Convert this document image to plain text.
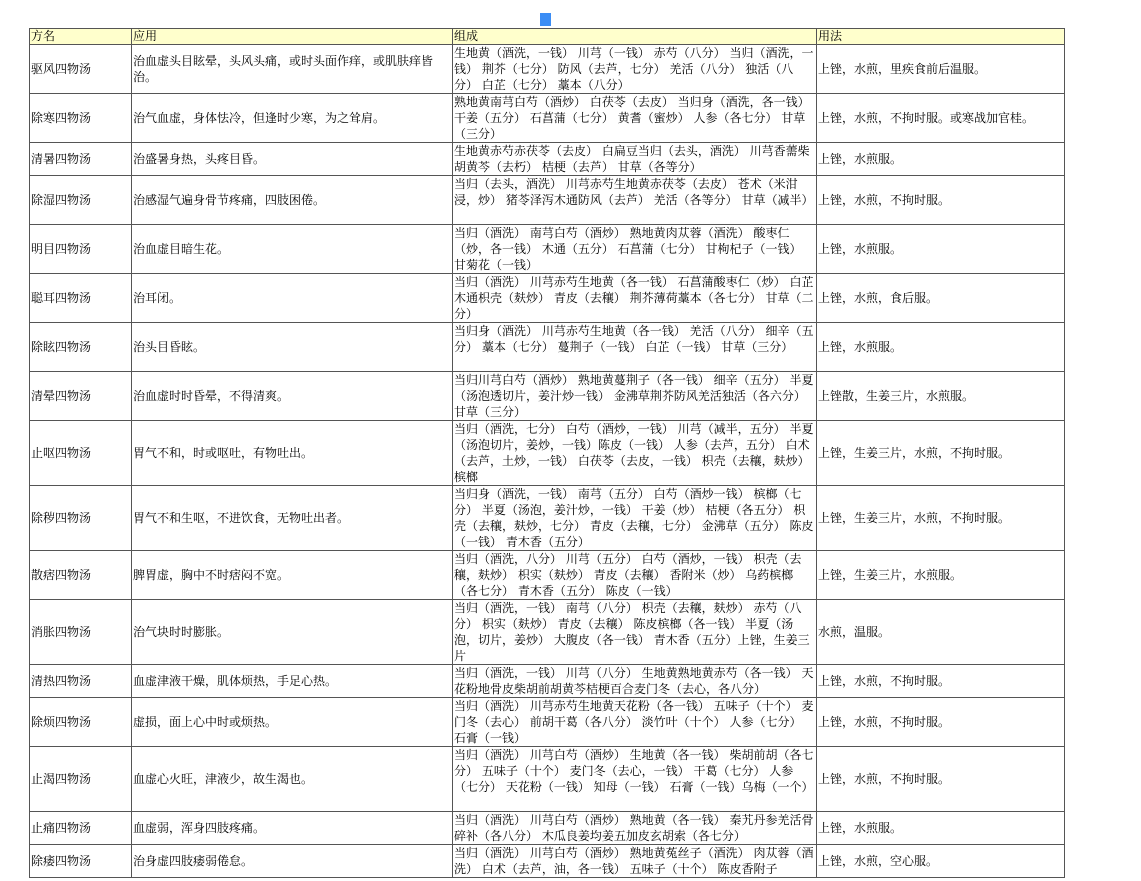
方名	应用	组成	用法
驱风四物汤	治血虚头目眩晕，头风头痛，或时头面作痒，或肌肤痒皆治。	生地黄（酒洗，一钱） 川芎（一钱） 赤芍（八分） 当归（酒洗，一钱） 荆芥（七分） 防风（去芦，七分） 羌活（八分） 独活（八分） 白芷（七分） 藁本（八分）	上锉，水煎，里疾食前后温服。
除寒四物汤	治气血虚，身体怯冷，但逢时少寒，为之耸肩。	熟地黄南芎白芍（酒炒） 白茯苓（去皮） 当归身（酒洗，各一钱） 干姜（五分） 石菖蒲（七分） 黄耆（蜜炒） 人参（各七分） 甘草（三分）	上锉，水煎，不拘时服。或寒战加官桂。
清暑四物汤	治盛暑身热，头疼目昏。	生地黄赤芍赤茯苓（去皮） 白扁豆当归（去头，酒洗） 川芎香薷柴胡黄芩（去朽） 桔梗（去芦） 甘草（各等分）	上锉，水煎服。
除湿四物汤	治感湿气遍身骨节疼痛，四肢困倦。	当归（去头，酒洗） 川芎赤芍生地黄赤茯苓（去皮） 苍术（米泔浸，炒） 猪苓泽泻木通防风（去芦） 羌活（各等分） 甘草（减半）	上锉，水煎，不拘时服。
明目四物汤	治血虚目暗生花。	当归（酒洗） 南芎白芍（酒炒） 熟地黄肉苁蓉（酒洗） 酸枣仁（炒，各一钱） 木通（五分） 石菖蒲（七分） 甘枸杞子（一钱） 甘菊花（一钱）	上锉，水煎服。
聪耳四物汤	治耳闭。	当归（酒洗） 川芎赤芍生地黄（各一钱） 石菖蒲酸枣仁（炒） 白芷木通枳壳（麸炒） 青皮（去穰） 荆芥薄荷藁本（各七分） 甘草（二分）	上锉，水煎，食后服。
除眩四物汤	治头目昏眩。	当归身（酒洗） 川芎赤芍生地黄（各一钱） 羌活（八分） 细辛（五分） 藁本（七分） 蔓荆子（一钱） 白芷（一钱） 甘草（三分）	上锉，水煎服。
清晕四物汤	治血虚时时昏晕，不得清爽。	当归川芎白芍（酒炒） 熟地黄蔓荆子（各一钱） 细辛（五分） 半夏（汤泡透切片，姜汁炒一钱） 金沸草荆芥防风羌活独活（各六分） 甘草（三分）	上锉散，生姜三片，水煎服。
止呕四物汤	胃气不和，时或呕吐，有物吐出。	当归（酒洗，七分） 白芍（酒炒，一钱） 川芎（减半，五分） 半夏（汤泡切片，姜炒，一钱）陈皮（一钱） 人参（去芦，五分） 白术（去芦，土炒，一钱） 白茯苓（去皮，一钱） 枳壳（去穰，麸炒） 槟榔	上锉，生姜三片，水煎，不拘时服。
除秽四物汤	胃气不和生呕，不进饮食，无物吐出者。	当归身（酒洗，一钱） 南芎（五分） 白芍（酒炒一钱） 槟榔（七分） 半夏（汤泡，姜汁炒，一钱） 干姜（炒） 桔梗（各五分） 枳壳（去穰，麸炒，七分） 青皮（去穰，七分） 金沸草（五分） 陈皮（一钱） 青木香（五分）	上锉，生姜三片，水煎，不拘时服。
散痞四物汤	脾胃虚，胸中不时痞闷不宽。	当归（酒洗，八分） 川芎（五分） 白芍（酒炒，一钱） 枳壳（去穰，麸炒） 枳实（麸炒） 青皮（去穰） 香附米（炒） 乌药槟榔（各七分） 青木香（五分） 陈皮（一钱）	上锉，生姜三片，水煎服。
消胀四物汤	治气块时时膨胀。	当归（酒洗，一钱） 南芎（八分） 枳壳（去穰，麸炒） 赤芍（八分） 枳实（麸炒） 青皮（去穰） 陈皮槟榔（各一钱） 半夏（汤泡，切片，姜炒） 大腹皮（各一钱） 青木香（五分）上锉，生姜三片	水煎，温服。
清热四物汤	血虚津液干燥，肌体烦热，手足心热。	当归（酒洗，一钱） 川芎（八分） 生地黄熟地黄赤芍（各一钱） 天花粉地骨皮柴胡前胡黄芩桔梗百合麦门冬（去心，各八分）	上锉，水煎，不拘时服。
除烦四物汤	虚损，面上心中时或烦热。	当归（酒洗） 川芎赤芍生地黄天花粉（各一钱） 五味子（十个） 麦门冬（去心） 前胡干葛（各八分） 淡竹叶（十个） 人参（七分） 石膏（一钱）	上锉，水煎，不拘时服。
止渴四物汤	血虚心火旺，津液少，故生渴也。	当归（酒洗） 川芎白芍（酒炒） 生地黄（各一钱） 柴胡前胡（各七分） 五味子（十个） 麦门冬（去心，一钱） 干葛（七分） 人参（七分） 天花粉（一钱） 知母（一钱） 石膏（一钱）乌梅（一个）	上锉，水煎，不拘时服。
止痛四物汤	血虚弱，浑身四肢疼痛。	当归（酒洗） 川芎白芍（酒炒） 熟地黄（各一钱） 秦艽丹参羌活骨碎补（各八分） 木瓜良姜均姜五加皮玄胡索（各七分）	上锉，水煎服。
除痿四物汤	治身虚四肢痿弱倦怠。	当归（酒洗） 川芎白芍（酒炒） 熟地黄菟丝子（酒洗） 肉苁蓉（酒洗） 白术（去芦，油，各一钱） 五味子（十个） 陈皮香附子	上锉，水煎，空心服。
